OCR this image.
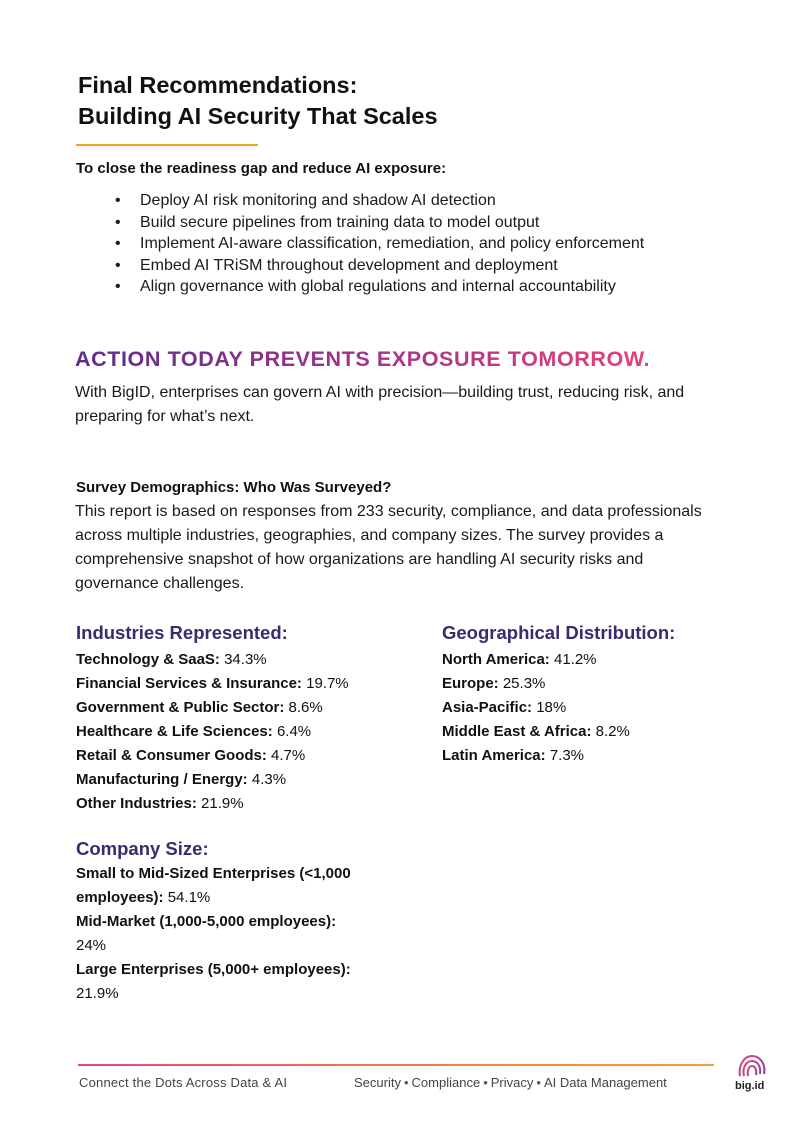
Final Recommendations:
Building AI Security That Scales
To close the readiness gap and reduce AI exposure:
• Deploy AI risk monitoring and shadow AI detection
• Build secure pipelines from training data to model output
• Implement AI-aware classification, remediation, and policy enforcement
• Embed AI TRiSM throughout development and deployment
• Align governance with global regulations and internal accountability
ACTION TODAY PREVENTS EXPOSURE TOMORROW.
With BigID, enterprises can govern AI with precision—building trust, reducing risk, and preparing for what’s next.
Survey Demographics: Who Was Surveyed?
This report is based on responses from 233 security, compliance, and data professionals across multiple industries, geographies, and company sizes. The survey provides a comprehensive snapshot of how organizations are handling AI security risks and governance challenges.
Industries Represented:
Technology & SaaS: 34.3%
Financial Services & Insurance: 19.7%
Government & Public Sector: 8.6%
Healthcare & Life Sciences: 6.4%
Retail & Consumer Goods: 4.7%
Manufacturing / Energy: 4.3%
Other Industries: 21.9%
Geographical Distribution:
North America: 41.2%
Europe: 25.3%
Asia-Pacific: 18%
Middle East & Africa: 8.2%
Latin America: 7.3%
Company Size:
Small to Mid-Sized Enterprises (<1,000 employees): 54.1%
Mid-Market (1,000-5,000 employees): 24%
Large Enterprises (5,000+ employees): 21.9%
Connect the Dots Across Data & AI	Security • Compliance • Privacy • AI Data Management	big.id
